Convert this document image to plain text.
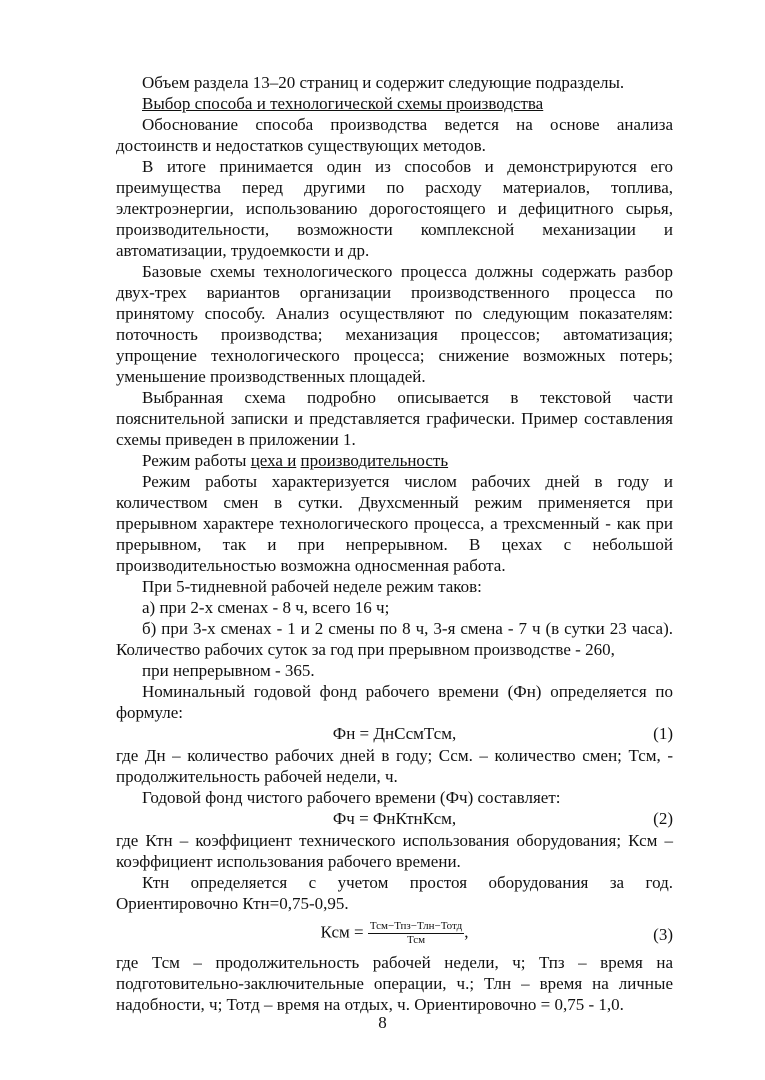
Объем раздела 13–20 страниц и содержит следующие подразделы.

Выбор способа и технологической схемы производства

Обоснование способа производства ведется на основе анализа достоинств и недостатков существующих методов.

В итоге принимается один из способов и демонстрируются его преимущества перед другими по расходу материалов, топлива, электроэнергии, использованию дорогостоящего и дефицитного сырья, производительности, возможности комплексной механизации и автоматизации, трудоемкости и др.

Базовые схемы технологического процесса должны содержать разбор двух-трех вариантов организации производственного процесса по принятому способу. Анализ осуществляют по следующим показателям: поточность производства; механизация процессов; автоматизация; упрощение технологического процесса; снижение возможных потерь; уменьшение производственных площадей.

Выбранная схема подробно описывается в текстовой части пояснительной записки и представляется графически. Пример составления схемы приведен в приложении 1.

Режим работы цеха и производительность

Режим работы характеризуется числом рабочих дней в году и количеством смен в сутки. Двухсменный режим применяется при прерывном характере технологического процесса, а трехсменный - как при прерывном, так и при непрерывном. В цехах с небольшой производительностью возможна односменная работа.

При 5-тидневной рабочей неделе режим таков:

а) при 2-х сменах - 8 ч, всего 16 ч;

б) при 3-х сменах - 1 и 2 смены по 8 ч, 3-я смена - 7 ч (в сутки 23 часа). Количество рабочих суток за год при прерывном производстве - 260,

при непрерывном - 365.

Номинальный годовой фонд рабочего времени (Фн) определяется по формуле:

Фн = ДнСсмТсм,	(1)

где Дн – количество рабочих дней в году; Ссм. – количество смен; Тсм, - продолжительность рабочей недели, ч.

Годовой фонд чистого рабочего времени (Фч) составляет:

Фч = ФнКтнКсм,	(2)

где Ктн – коэффициент технического использования оборудования; Ксм – коэффициент использования рабочего времени.

Ктн определяется с учетом простоя оборудования за год. Ориентировочно Ктн=0,75-0,95.

Ксм = $\frac{\text{Тсм−Тпз−Тлн−Тотд}}{\text{Тсм}}$ ,	(3)

где Тсм – продолжительность рабочей недели, ч; Тпз – время на подготовительно-заключительные операции, ч.; Тлн – время на личные надобности, ч; Тотд – время на отдых, ч. Ориентировочно = 0,75 - 1,0.

8
